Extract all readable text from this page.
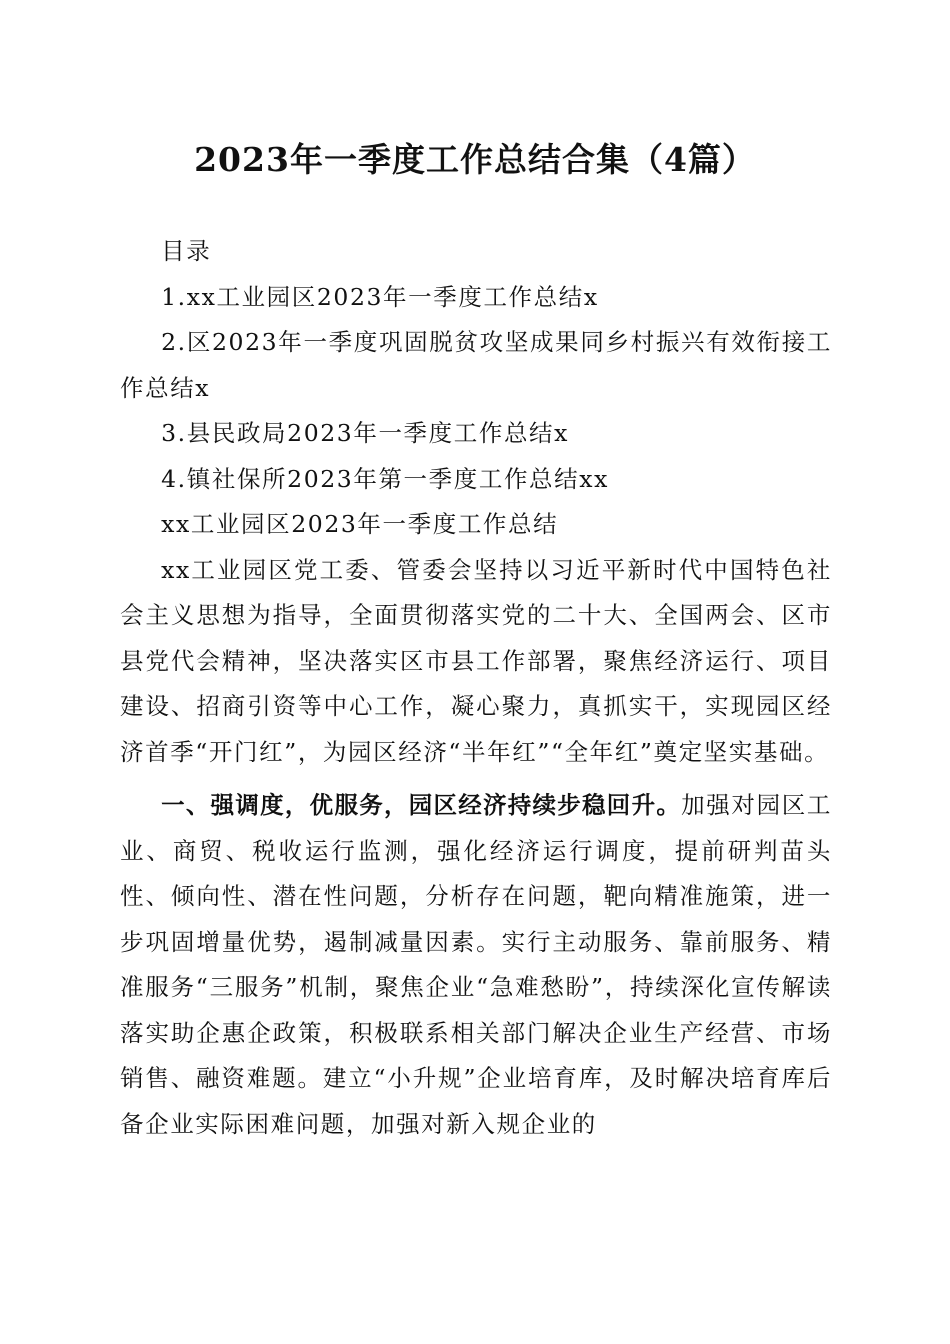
2023年一季度工作总结合集（4篇）

目录

1.xx工业园区2023年一季度工作总结x

2.区2023年一季度巩固脱贫攻坚成果同乡村振兴有效衔接工作总结x

3.县民政局2023年一季度工作总结x

4.镇社保所2023年第一季度工作总结xx

xx工业园区2023年一季度工作总结

xx工业园区党工委、管委会坚持以习近平新时代中国特色社会主义思想为指导，全面贯彻落实党的二十大、全国两会、区市县党代会精神，坚决落实区市县工作部署，聚焦经济运行、项目建设、招商引资等中心工作，凝心聚力，真抓实干，实现园区经济首季“开门红”，为园区经济“半年红”“全年红”奠定坚实基础。

一、强调度，优服务，园区经济持续步稳回升。加强对园区工业、商贸、税收运行监测，强化经济运行调度，提前研判苗头性、倾向性、潜在性问题，分析存在问题，靶向精准施策，进一步巩固增量优势，遏制减量因素。实行主动服务、靠前服务、精准服务“三服务”机制，聚焦企业“急难愁盼”，持续深化宣传解读落实助企惠企政策，积极联系相关部门解决企业生产经营、市场销售、融资难题。建立“小升规”企业培育库，及时解决培育库后备企业实际困难问题，加强对新入规企业的
